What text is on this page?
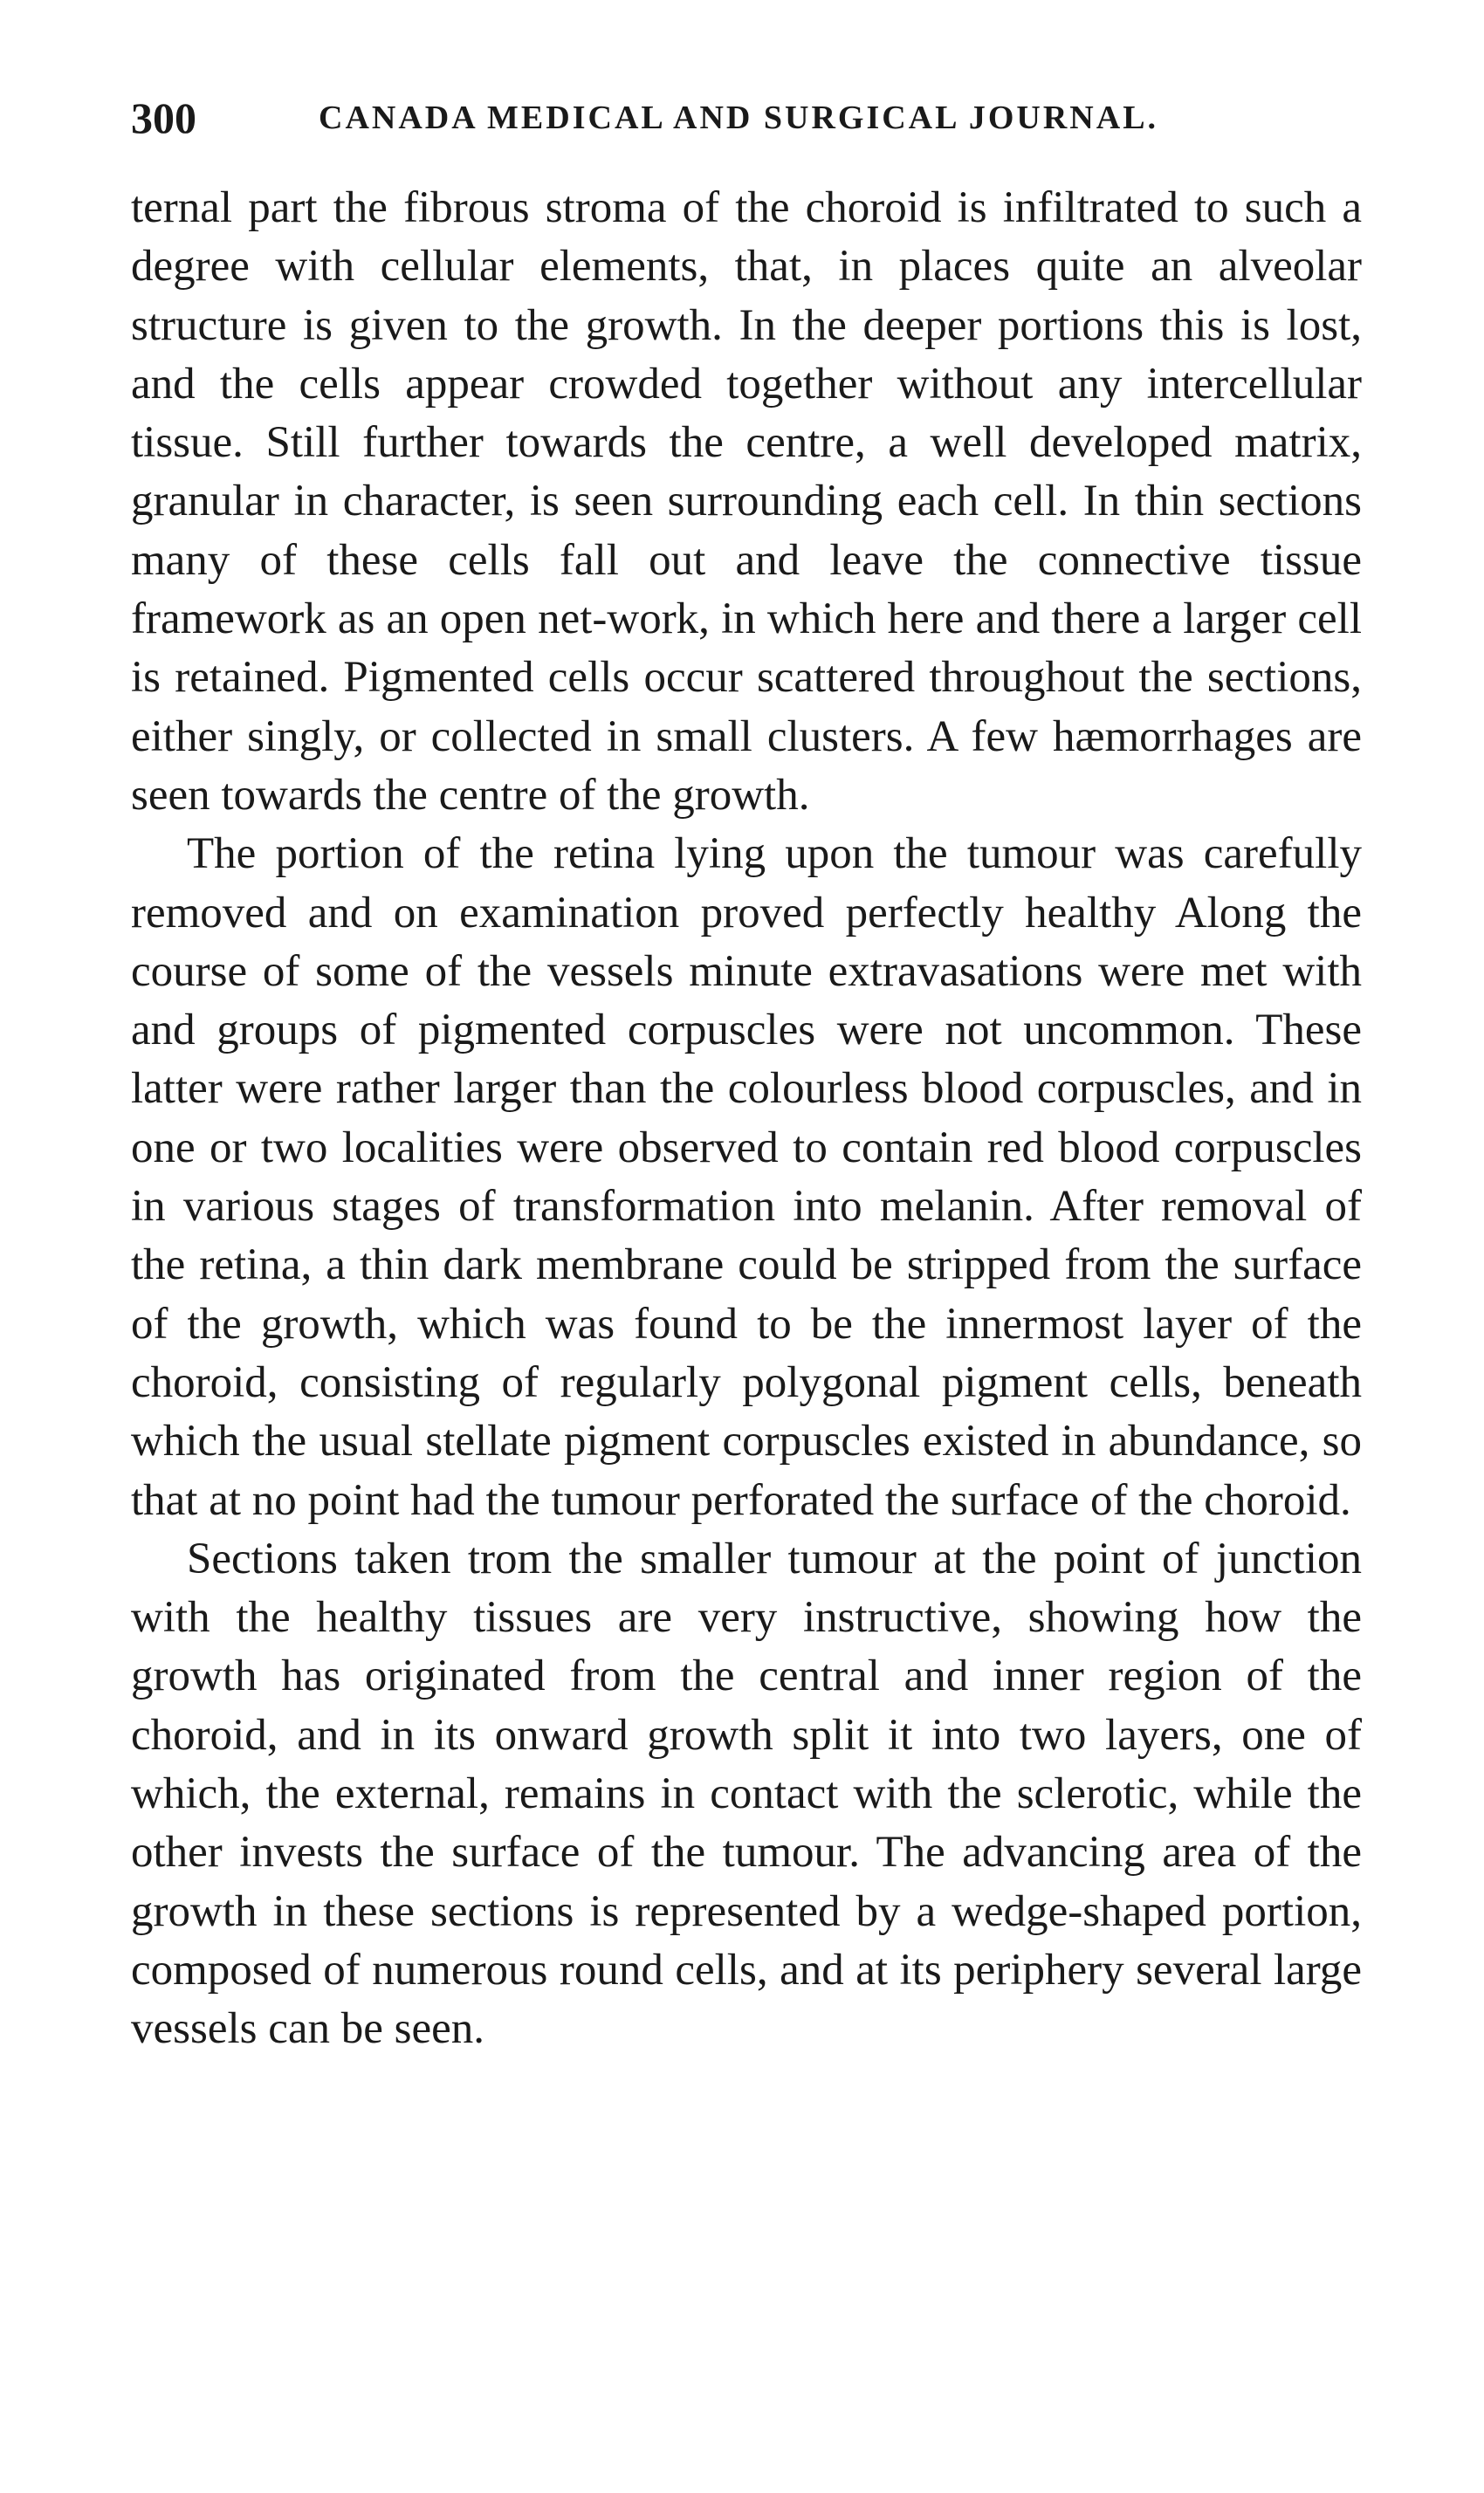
300	CANADA MEDICAL AND SURGICAL JOURNAL.

ternal part the fibrous stroma of the choroid is infiltrated to such a degree with cellular elements, that, in places quite an alveolar structure is given to the growth. In the deeper portions this is lost, and the cells appear crowded together without any intercellular tissue. Still further towards the centre, a well developed matrix, granular in character, is seen surrounding each cell. In thin sections many of these cells fall out and leave the connective tissue framework as an open net-work, in which here and there a larger cell is retained. Pigmented cells occur scattered throughout the sections, either singly, or collected in small clusters. A few hæmorrhages are seen towards the centre of the growth.

The portion of the retina lying upon the tumour was carefully removed and on examination proved perfectly healthy Along the course of some of the vessels minute extravasations were met with and groups of pigmented corpuscles were not uncommon. These latter were rather larger than the colourless blood corpuscles, and in one or two localities were observed to contain red blood corpuscles in various stages of transformation into melanin. After removal of the retina, a thin dark membrane could be stripped from the surface of the growth, which was found to be the innermost layer of the choroid, consisting of regularly polygonal pigment cells, beneath which the usual stellate pigment corpuscles existed in abundance, so that at no point had the tumour perforated the surface of the choroid.

Sections taken trom the smaller tumour at the point of junction with the healthy tissues are very instructive, showing how the growth has originated from the central and inner region of the choroid, and in its onward growth split it into two layers, one of which, the external, remains in contact with the sclerotic, while the other invests the surface of the tumour. The advancing area of the growth in these sections is represented by a wedge-shaped portion, composed of numerous round cells, and at its periphery several large vessels can be seen.
